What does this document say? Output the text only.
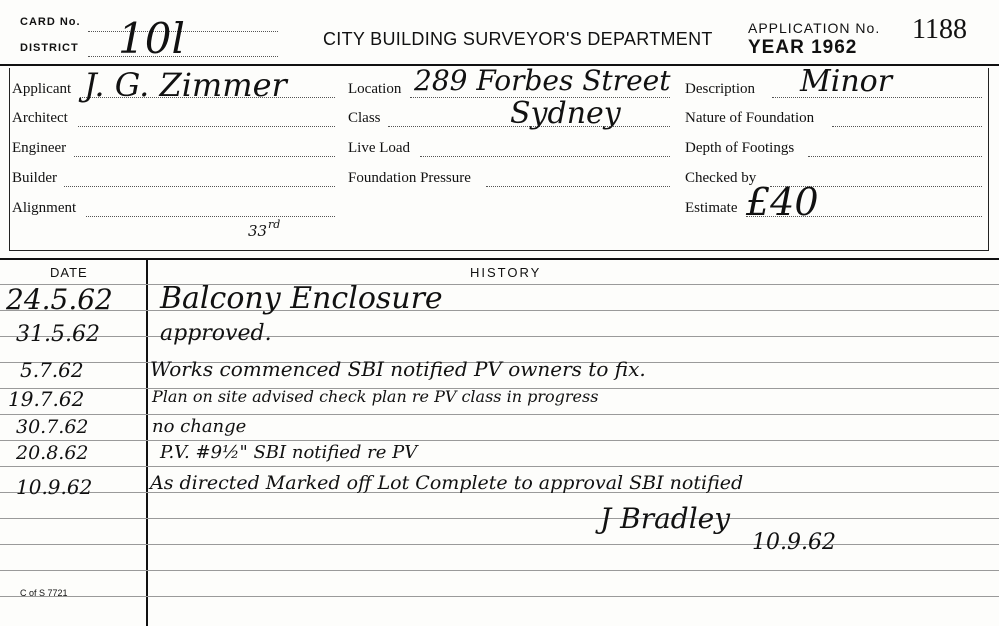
CARD No.
DISTRICT 10l	CITY BUILDING SURVEYOR'S DEPARTMENT
APPLICATION No. 1188
YEAR 1962
Applicant J. G. Zimmer
Architect
Engineer
Builder
Alignment
33 rd
Location 289 Forbes Street
Class	Sydney
Live Load
Foundation Pressure
Description Minor
Nature of Foundation
Depth of Footings
Checked by
Estimate £40
DATE	HISTORY
24.5.62 Balcony Enclosure
31.5.62	approved.
5.7.62	Works commenced SBI notified PV owners to fix.
19.7.62	Plan on site advised check plan re PV class in progress
30.7.62	no change
20.8.62	P.V. #9½" SBI notified re PV
10.9.62	As directed Marked off Lot Complete to approval SBI notified
J Bradley
10.9.62
C of S 7721
